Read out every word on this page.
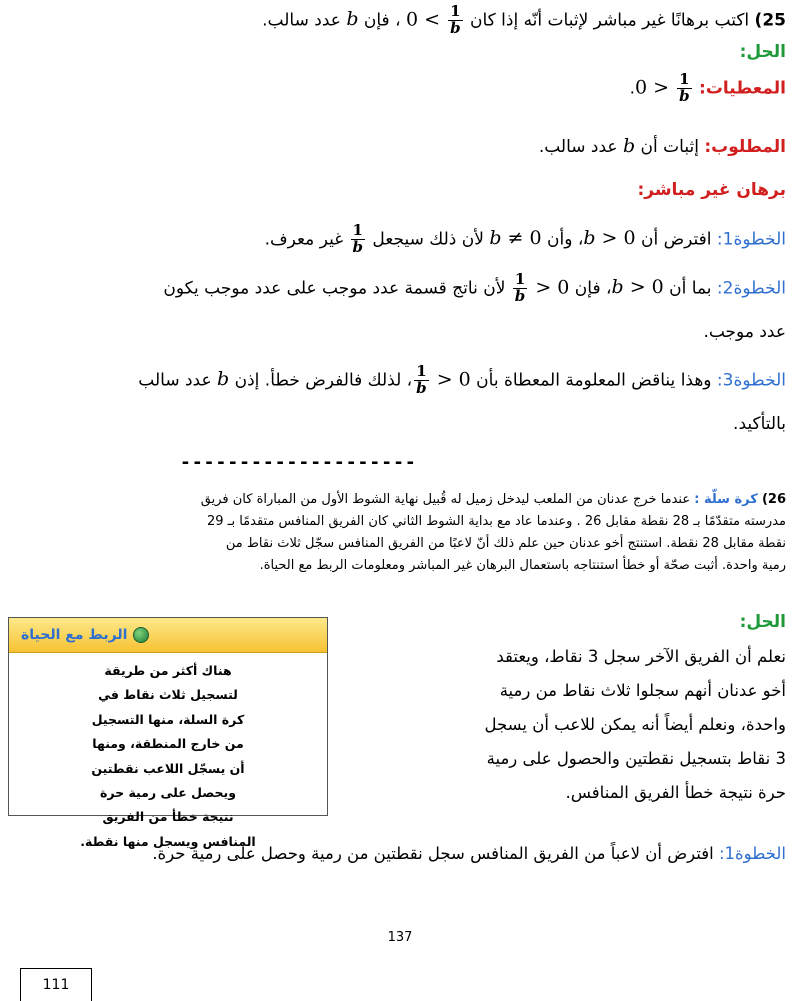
25) اكتب برهانًا غير مباشر لإثبات أنّه إذا كان $0 < \frac{1}{b}$
، فإن b عدد سالب.
الحل:
المعطيات: $0 > \frac{1}{b}$
.
المطلوب: إثبات أن b عدد سالب.
برهان غير مباشر:
الخطوة1: افترض أن b > 0، وأن b ≠ 0 لأن ذلك سيجعل
$\frac{1}{b}$
غير معرف.
الخطوة2: بما أن b > 0، فإن
$\frac{1}{b} > 0$ لأن ناتج قسمة عدد موجب على عدد موجب يكون
عدد موجب.
الخطوة3: وهذا يناقض المعلومة المعطاة بأن
$\frac{1}{b}$ > 0، لذلك فالفرض خطأ. إذن b عدد سالب
بالتأكيد.
--------------------
26) كرة سلّة : عندما خرج عدنان من الملعب ليدخل زميل له قُبيل نهاية الشوط الأول من المباراة كان فريق
مدرسته متقدّمًا بـ 28 نقطة مقابل 26 . وعندما عاد مع بداية الشوط الثاني كان الفريق المنافس متقدمًا بـ 29
نقطة مقابل 28 نقطة. استنتج أخو عدنان حين علم ذلك أنّ لاعبًا من الفريق المنافس سجّل ثلاث نقاط من
رمية واحدة. أثبت صحّة أو خطأ استنتاجه باستعمال البرهان غير المباشر ومعلومات الربط مع الحياة.
الحل:
نعلم أن الفريق الآخر سجل 3 نقاط، ويعتقد
أخو عدنان أنهم سجلوا ثلاث نقاط من رمية
واحدة، ونعلم أيضاً أنه يمكن للاعب أن يسجل
3 نقاط بتسجيل نقطتين والحصول على رمية
حرة نتيجة خطأ الفريق المنافس.
الربط مع الحياة
هناك أكثر من طريقة
لتسجيل ثلاث نقاط في
كرة السلة، منها التسجيل
من خارج المنطقة، ومنها
أن يسجّل اللاعب نقطتين
ويحصل على رمية حرة
نتيجة خطأ من الفريق
المنافس ويسجل منها نقطة.
الخطوة1: افترض أن لاعباً من الفريق المنافس سجل نقطتين من رمية وحصل على رمية حرة.
137
111
